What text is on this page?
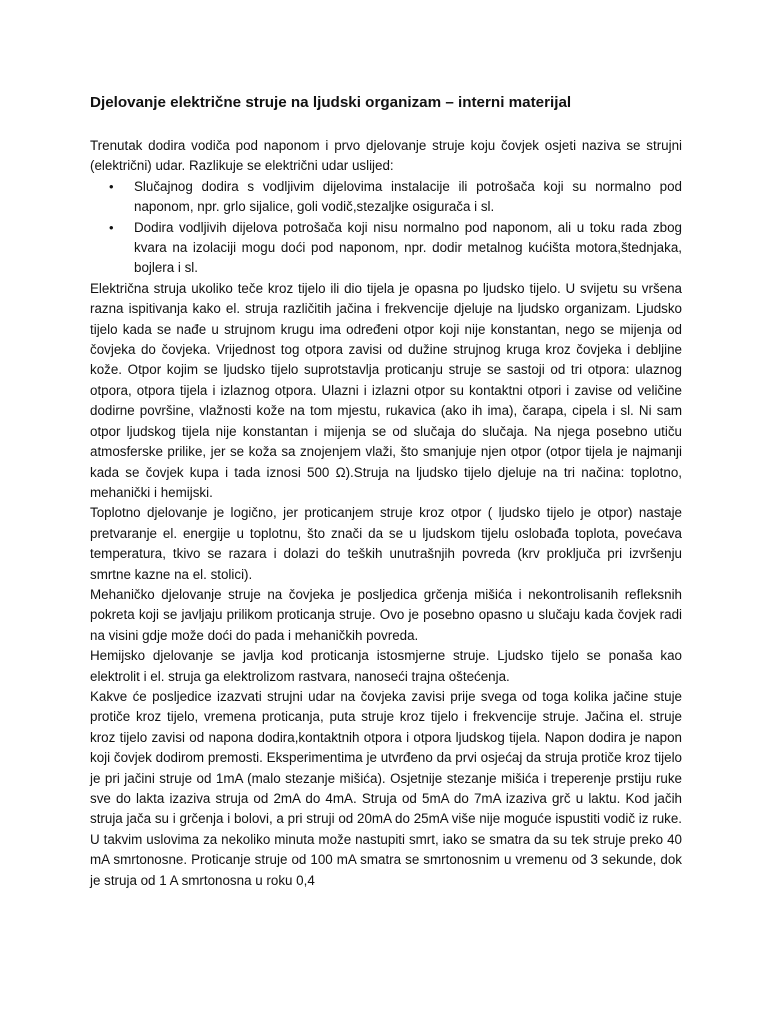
Djelovanje električne struje na ljudski organizam – interni materijal

Trenutak dodira vodiča pod naponom i prvo djelovanje struje koju čovjek osjeti naziva se strujni (električni) udar. Razlikuje se električni udar uslijed:

• Slučajnog dodira s vodljivim dijelovima instalacije ili potrošača koji su normalno pod naponom, npr. grlo sijalice, goli vodič,stezaljke osigurača i sl.
• Dodira vodljivih dijelova potrošača koji nisu normalno pod naponom, ali u toku rada zbog kvara na izolaciji mogu doći pod naponom, npr. dodir metalnog kućišta motora,štednjaka, bojlera i sl.

Električna struja ukoliko teče kroz tijelo ili dio tijela je opasna po ljudsko tijelo. U svijetu su vršena razna ispitivanja kako el. struja različitih jačina i frekvencije djeluje na ljudsko organizam. Ljudsko tijelo kada se nađe u strujnom krugu ima određeni otpor koji nije konstantan, nego se mijenja od čovjeka do čovjeka. Vrijednost tog otpora zavisi od dužine strujnog kruga kroz čovjeka i debljine kože. Otpor kojim se ljudsko tijelo suprotstavlja proticanju struje se sastoji od tri otpora: ulaznog otpora, otpora tijela i izlaznog otpora. Ulazni i izlazni otpor su kontaktni otpori i zavise od veličine dodirne površine, vlažnosti kože na tom mjestu, rukavica (ako ih ima), čarapa, cipela i sl. Ni sam otpor ljudskog tijela nije konstantan i mijenja se od slučaja do slučaja. Na njega posebno utiču atmosferske prilike, jer se koža sa znojenjem vlaži, što smanjuje njen otpor (otpor tijela je najmanji kada se čovjek kupa i tada iznosi 500 Ω).Struja na ljudsko tijelo djeluje na tri načina: toplotno, mehanički i hemijski.

Toplotno djelovanje je logično, jer proticanjem struje kroz otpor ( ljudsko tijelo je otpor) nastaje pretvaranje el. energije u toplotnu, što znači da se u ljudskom tijelu oslobađa toplota, povećava temperatura, tkivo se razara i dolazi do teških unutrašnjih povreda (krv proključa pri izvršenju smrtne kazne na el. stolici).

Mehaničko djelovanje struje na čovjeka je posljedica grčenja mišića i nekontrolisanih refleksnih pokreta koji se javljaju prilikom proticanja struje. Ovo je posebno opasno u slučaju kada čovjek radi na visini gdje može doći do pada i mehaničkih povreda.

Hemijsko djelovanje se javlja kod proticanja istosmjerne struje. Ljudsko tijelo se ponaša kao elektrolit i el. struja ga elektrolizom rastvara, nanoseći trajna oštećenja.

Kakve će posljedice izazvati strujni udar na čovjeka zavisi prije svega od toga kolika jačine stuje protiče kroz tijelo, vremena proticanja, puta struje kroz tijelo i frekvencije struje. Jačina el. struje kroz tijelo zavisi od napona dodira,kontaktnih otpora i otpora ljudskog tijela. Napon dodira je napon koji čovjek dodirom premosti. Eksperimentima je utvrđeno da prvi osjećaj da struja protiče kroz tijelo je pri jačini struje od 1mA (malo stezanje mišića). Osjetnije stezanje mišića i treperenje prstiju ruke sve do lakta izaziva struja od 2mA do 4mA. Struja od 5mA do 7mA izaziva grč u laktu. Kod jačih struja jača su i grčenja i bolovi, a pri struji od 20mA do 25mA više nije moguće ispustiti vodič iz ruke. U takvim uslovima za nekoliko minuta može nastupiti smrt, iako se smatra da su tek struje preko 40 mA smrtonosne. Proticanje struje od 100 mA smatra se smrtonosnim u vremenu od 3 sekunde, dok je struja od 1 A smrtonosna u roku 0,4
